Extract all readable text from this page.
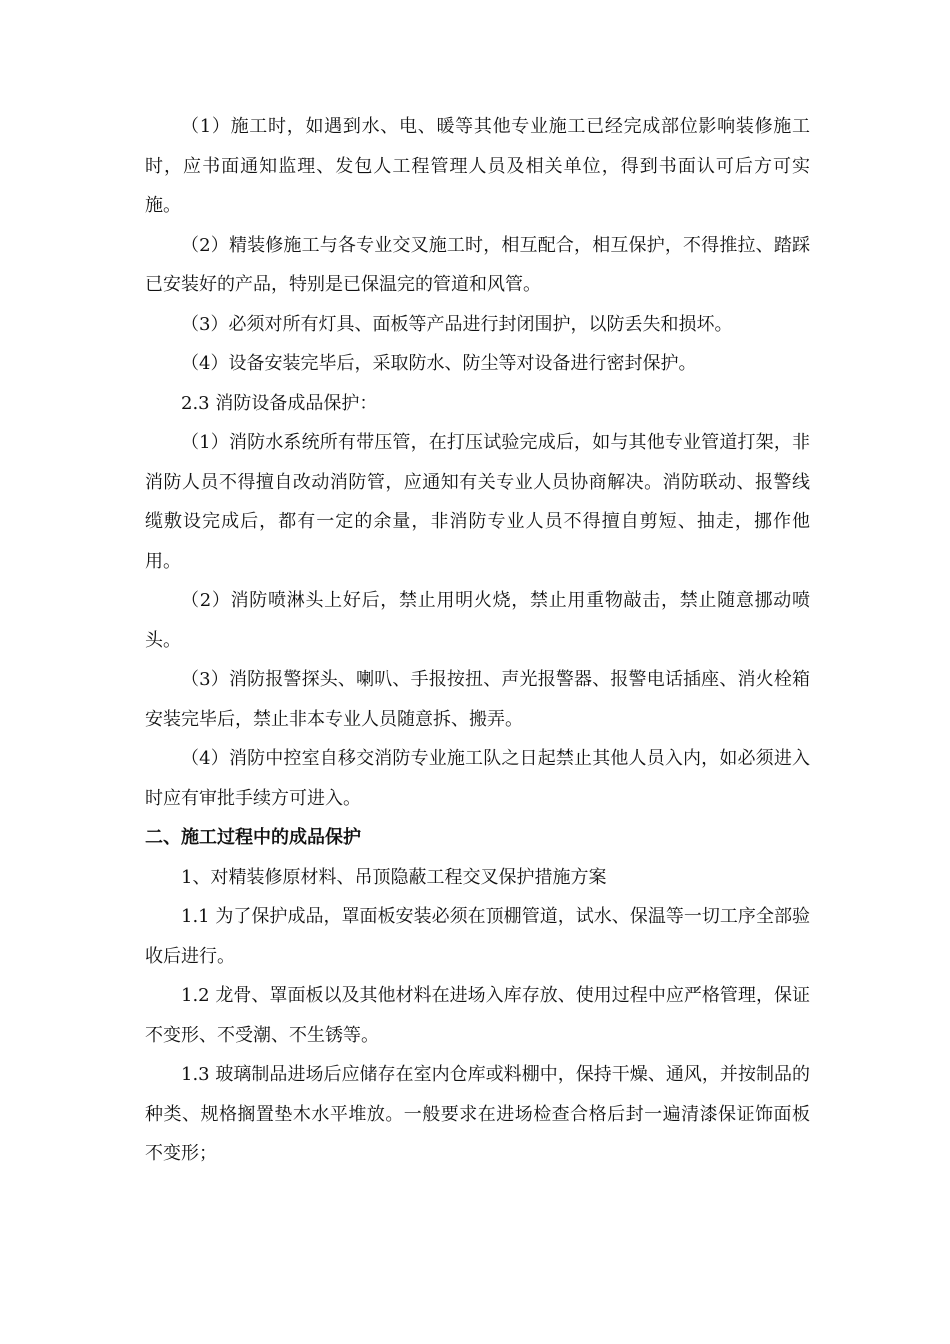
（1）施工时，如遇到水、电、暖等其他专业施工已经完成部位影响装修施工时，应书面通知监理、发包人工程管理人员及相关单位，得到书面认可后方可实施。

（2）精装修施工与各专业交叉施工时，相互配合，相互保护，不得推拉、踏踩已安装好的产品，特别是已保温完的管道和风管。

（3）必须对所有灯具、面板等产品进行封闭围护，以防丢失和损坏。

（4）设备安装完毕后，采取防水、防尘等对设备进行密封保护。

2.3 消防设备成品保护：

（1）消防水系统所有带压管，在打压试验完成后，如与其他专业管道打架，非消防人员不得擅自改动消防管，应通知有关专业人员协商解决。消防联动、报警线缆敷设完成后，都有一定的余量，非消防专业人员不得擅自剪短、抽走，挪作他用。

（2）消防喷淋头上好后，禁止用明火烧，禁止用重物敲击，禁止随意挪动喷头。

（3）消防报警探头、喇叭、手报按扭、声光报警器、报警电话插座、消火栓箱安装完毕后，禁止非本专业人员随意拆、搬弄。

（4）消防中控室自移交消防专业施工队之日起禁止其他人员入内，如必须进入时应有审批手续方可进入。

二、施工过程中的成品保护

1、对精装修原材料、吊顶隐蔽工程交叉保护措施方案

1.1 为了保护成品，罩面板安装必须在顶棚管道，试水、保温等一切工序全部验收后进行。

1.2 龙骨、罩面板以及其他材料在进场入库存放、使用过程中应严格管理，保证不变形、不受潮、不生锈等。

1.3 玻璃制品进场后应储存在室内仓库或料棚中，保持干燥、通风，并按制品的种类、规格搁置垫木水平堆放。一般要求在进场检查合格后封一遍清漆保证饰面板不变形；
